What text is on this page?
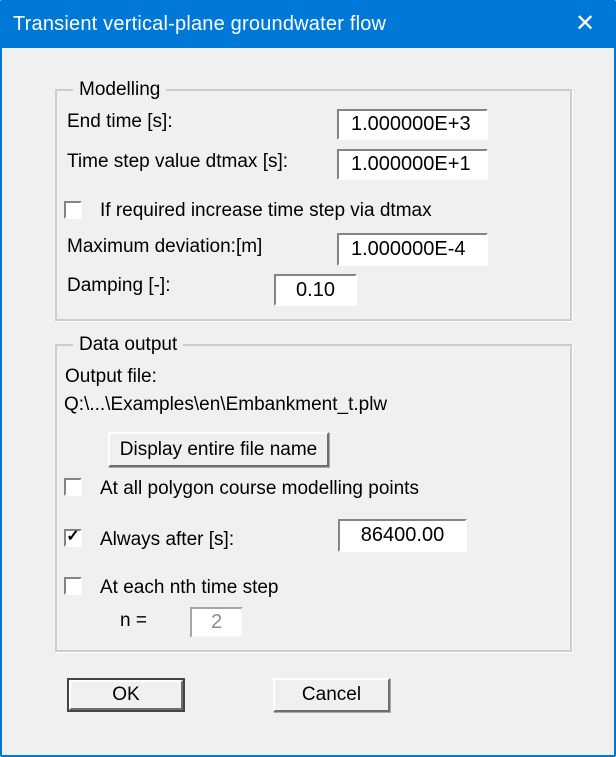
Transient vertical-plane groundwater flow	✕
Modelling
End time [s]:
1.000000E+3
Time step value dtmax [s]:
1.000000E+1
If required increase time step via dtmax
Maximum deviation:[m]
1.000000E-4
Damping [-]:
0.10
Data output
Output file:
Q:\...\Examples\en\Embankment_t.plw
Display entire file name
At all polygon course modelling points
✓ Always after [s]:
86400.00
At each nth time step
n =
2
OK	Cancel
